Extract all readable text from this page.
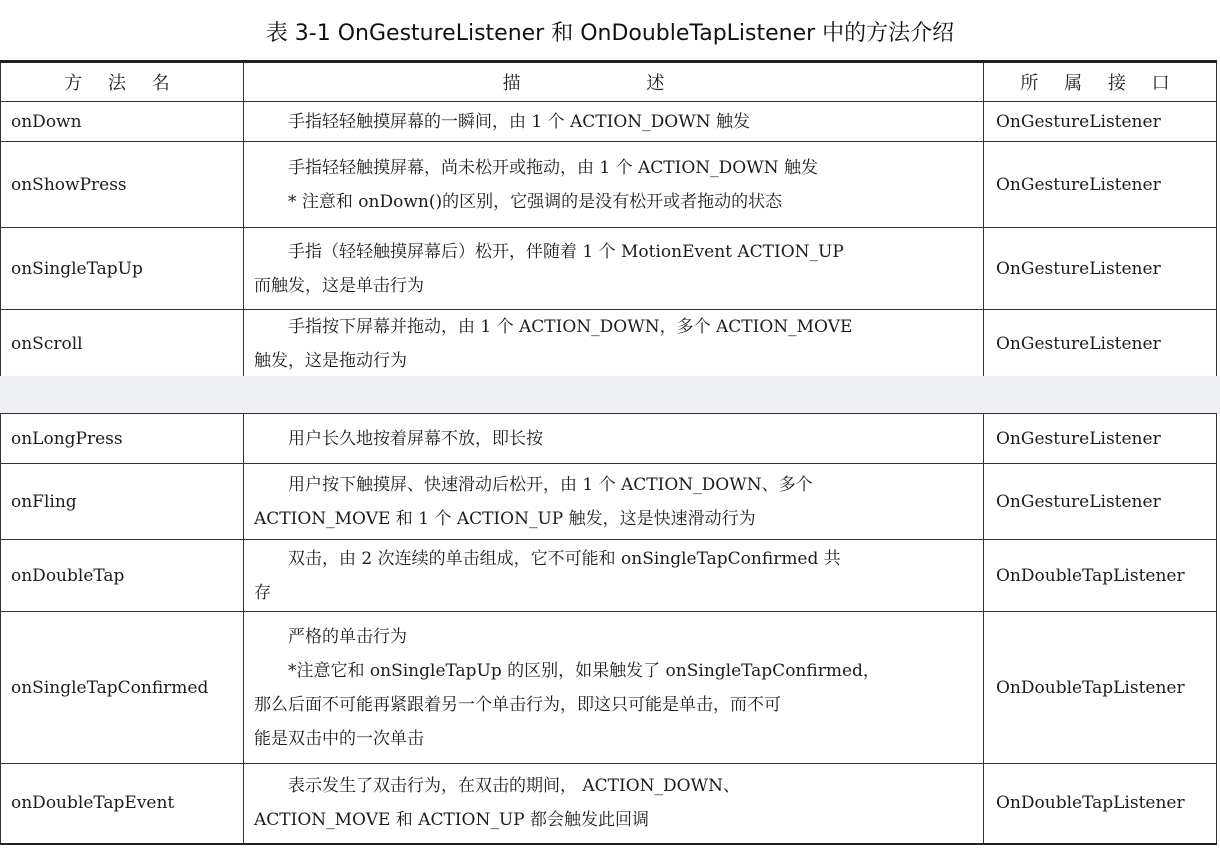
表 3-1 OnGestureListener 和 OnDoubleTapListener 中的方法介绍
方 法 名	描 述	所 属 接 口
onDown	手指轻轻触摸屏幕的一瞬间，由 1 个 ACTION_DOWN 触发	OnGestureListener
onShowPress	手指轻轻触摸屏幕，尚未松开或拖动，由 1 个 ACTION_DOWN 触发
* 注意和 onDown()的区别，它强调的是没有松开或者拖动的状态	OnGestureListener
onSingleTapUp	手指（轻轻触摸屏幕后）松开，伴随着 1 个 MotionEvent ACTION_UP
而触发，这是单击行为	OnGestureListener
onScroll	手指按下屏幕并拖动，由 1 个 ACTION_DOWN，多个 ACTION_MOVE
触发，这是拖动行为	OnGestureListener
onLongPress	用户长久地按着屏幕不放，即长按	OnGestureListener
onFling	用户按下触摸屏、快速滑动后松开，由 1 个 ACTION_DOWN、多个
ACTION_MOVE 和 1 个 ACTION_UP 触发，这是快速滑动行为	OnGestureListener
onDoubleTap	双击，由 2 次连续的单击组成，它不可能和 onSingleTapConfirmed 共
存	OnDoubleTapListener
onSingleTapConfirmed	严格的单击行为
*注意它和 onSingleTapUp 的区别，如果触发了 onSingleTapConfirmed，
那么后面不可能再紧跟着另一个单击行为，即这只可能是单击，而不可
能是双击中的一次单击	OnDoubleTapListener
onDoubleTapEvent	表示发生了双击行为，在双击的期间， ACTION_DOWN、
ACTION_MOVE 和 ACTION_UP 都会触发此回调	OnDoubleTapListener
